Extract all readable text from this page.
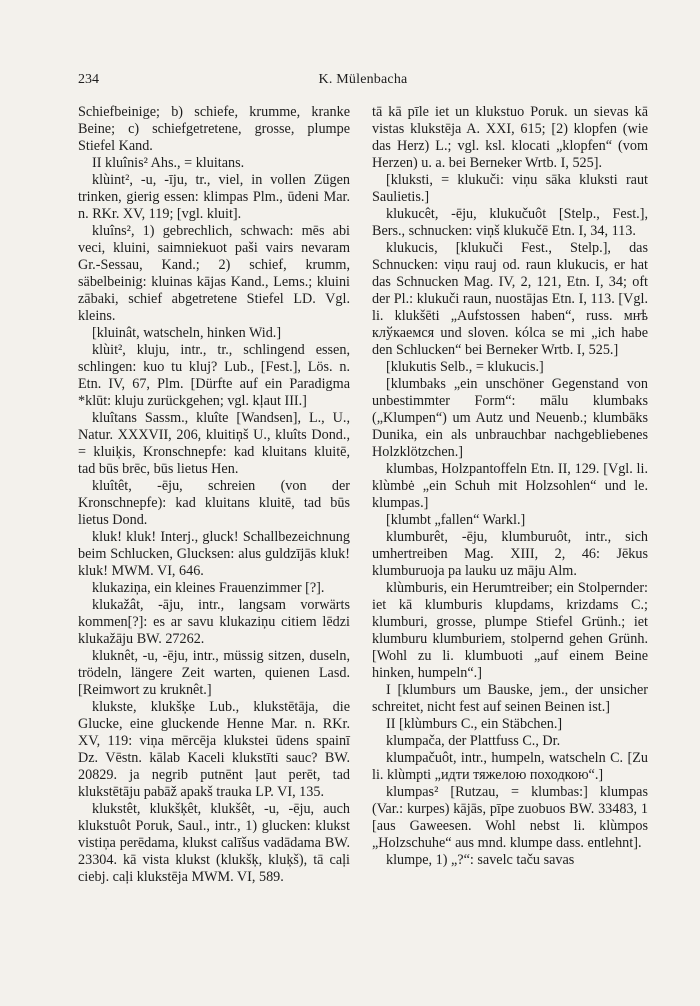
234	K. Mülenbacha

Schiefbeinige; b) schiefe, krumme, kranke Beine; c) schiefgetretene, grosse, plumpe Stiefel Kand.

II kluînis² Ahs., = kluitans.

klùint², -u, -īju, tr., viel, in vollen Zügen trinken, gierig essen: klimpas Plm., ūdeni Mar. n. RKr. XV, 119; [vgl. kluit].

kluîns², 1) gebrechlich, schwach: mēs abi veci, kluini, saimniekuot paši vairs nevaram Gr.-Sessau, Kand.; 2) schief, krumm, säbelbeinig: kluinas kājas Kand., Lems.; kluini zābaki, schief abgetretene Stiefel LD. Vgl. kleins.

[kluinât, watscheln, hinken Wid.]

klùit², kluju, intr., tr., schlingend essen, schlingen: kuo tu kluj? Lub., [Fest.], Lös. n. Etn. IV, 67, Plm. [Dürfte auf ein Paradigma *klūt: kluju zurückgehen; vgl. kļaut III.]

kluîtans Sassm., kluîte [Wandsen], L., U., Natur. XXXVII, 206, kluitiņš U., kluîts Dond., = kluiķis, Kronschnepfe: kad kluitans kluitē, tad būs brēc, būs lietus Hen.

kluîtêt, -ēju, schreien (von der Kronschnepfe): kad kluitans kluitē, tad būs lietus Dond.

kluk! kluk! Interj., gluck! Schallbezeichnung beim Schlucken, Glucksen: alus guldzījās kluk! kluk! MWM. VI, 646.

klukaziņa, ein kleines Frauenzimmer [?].

klukažât, -āju, intr., langsam vorwärts kommen[?]: es ar savu klukaziņu citiem lēdzi klukažāju BW. 27262.

kluknêt, -u, -ēju, intr., müssig sitzen, duseln, trödeln, längere Zeit warten, quienen Lasd. [Reimwort zu kruknêt.]

klukste, klukšķe Lub., klukstētāja, die Glucke, eine gluckende Henne Mar. n. RKr. XV, 119: viņa mērcēja klukstei ūdens spainī Dz. Vēstn. kālab Kaceli klukstīti sauc? BW. 20829. ja negrib putnēnt ļaut perēt, tad klukstētāju pabāž apakš trauka LP. VI, 135.

klukstêt, klukšķêt, klukšêt, -u, -ēju, auch klukstuôt Poruk, Saul., intr., 1) glucken: klukst vistiņa perēdama, klukst calīšus vadādama BW. 23304. kā vista klukst (klukšķ, kluķš), tā caļi ciebj. caļi klukstēja MWM. VI, 589.

tā kā pīle iet un klukstuo Poruk. un sievas kā vistas klukstēja A. XXI, 615; [2) klopfen (wie das Herz) L.; vgl. ksl. klocati „klopfen“ (vom Herzen) u. a. bei Berneker Wrtb. I, 525].

[kluksti, = klukuči: viņu sāka kluksti raut Saulietis.]

klukucêt, -ēju, klukučuôt [Stelp., Fest.], Bers., schnucken: viņš klukučē Etn. I, 34, 113.

klukucis, [klukuči Fest., Stelp.], das Schnucken: viņu rauj od. raun klukucis, er hat das Schnucken Mag. IV, 2, 121, Etn. I, 34; oft der Pl.: klukuči raun, nuostājas Etn. I, 113. [Vgl. li. klukšēti „Aufstossen haben“, russ. мнѣ клўкаемся und sloven. kólca se mi „ich habe den Schlucken“ bei Berneker Wrtb. I, 525.]

[klukutis Selb., = klukucis.]

[klumbaks „ein unschöner Gegenstand von unbestimmter Form“: mālu klumbaks („Klumpen“) um Autz und Neuenb.; klumbāks Dunika, ein als unbrauchbar nachgebliebenes Holzklötzchen.]

klumbas, Holzpantoffeln Etn. II, 129. [Vgl. li. klùmbė „ein Schuh mit Holzsohlen“ und le. klumpas.]

[klumbt „fallen“ Warkl.]

klumburêt, -ēju, klumburuôt, intr., sich umhertreiben Mag. XIII, 2, 46: Jēkus klumburuoja pa lauku uz māju Alm.

klùmburis, ein Herumtreiber; ein Stolpernder: iet kā klumburis klupdams, krizdams C.; klumburi, grosse, plumpe Stiefel Grünh.; iet klumburu klumburiem, stolpernd gehen Grünh. [Wohl zu li. klumbuoti „auf einem Beine hinken, humpeln“.]

I [klumburs um Bauske, jem., der unsicher schreitet, nicht fest auf seinen Beinen ist.]

II [klùmburs C., ein Stäbchen.]

klumpača, der Plattfuss C., Dr.

klumpačuôt, intr., humpeln, watscheln C. [Zu li. klùmpti „идти тяжелою походкою“.]

klumpas² [Rutzau, = klumbas:] klumpas (Var.: kurpes) kājās, pīpe zuobuos BW. 33483, 1 [aus Gaweesen. Wohl nebst li. klùmpos „Holzschuhe“ aus mnd. klumpe dass. entlehnt].

klumpe, 1) „?“: savelc taču savas
